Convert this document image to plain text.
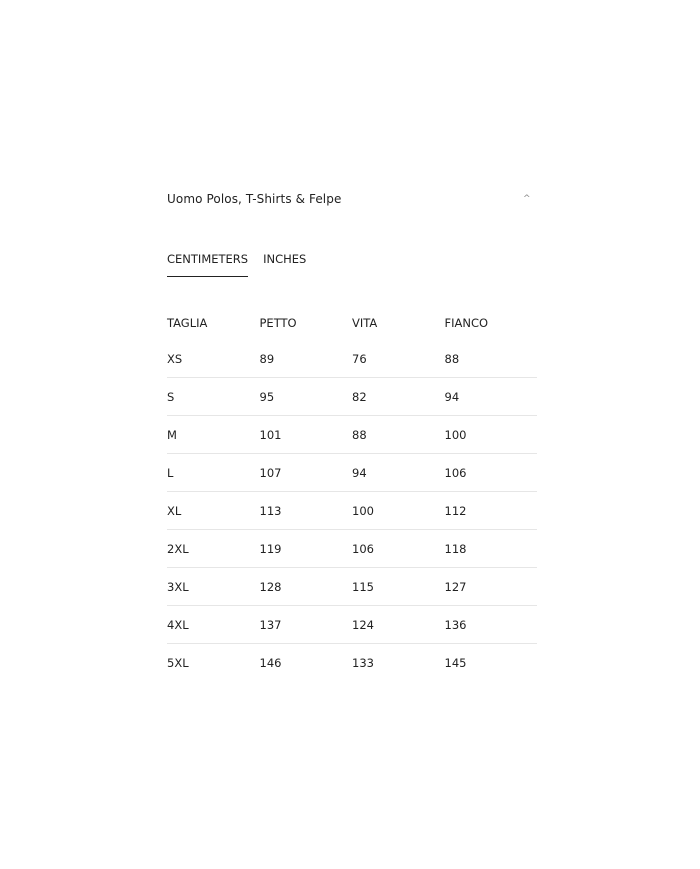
Uomo Polos, T-Shirts & Felpe	^
CENTIMETERS INCHES
TAGLIA	PETTO	VITA	FIANCO
XS	89	76	88
S	95	82	94
M	101	88	100
L	107	94	106
XL	113	100	112
2XL	119	106	118
3XL	128	115	127
4XL	137	124	136
5XL	146	133	145
